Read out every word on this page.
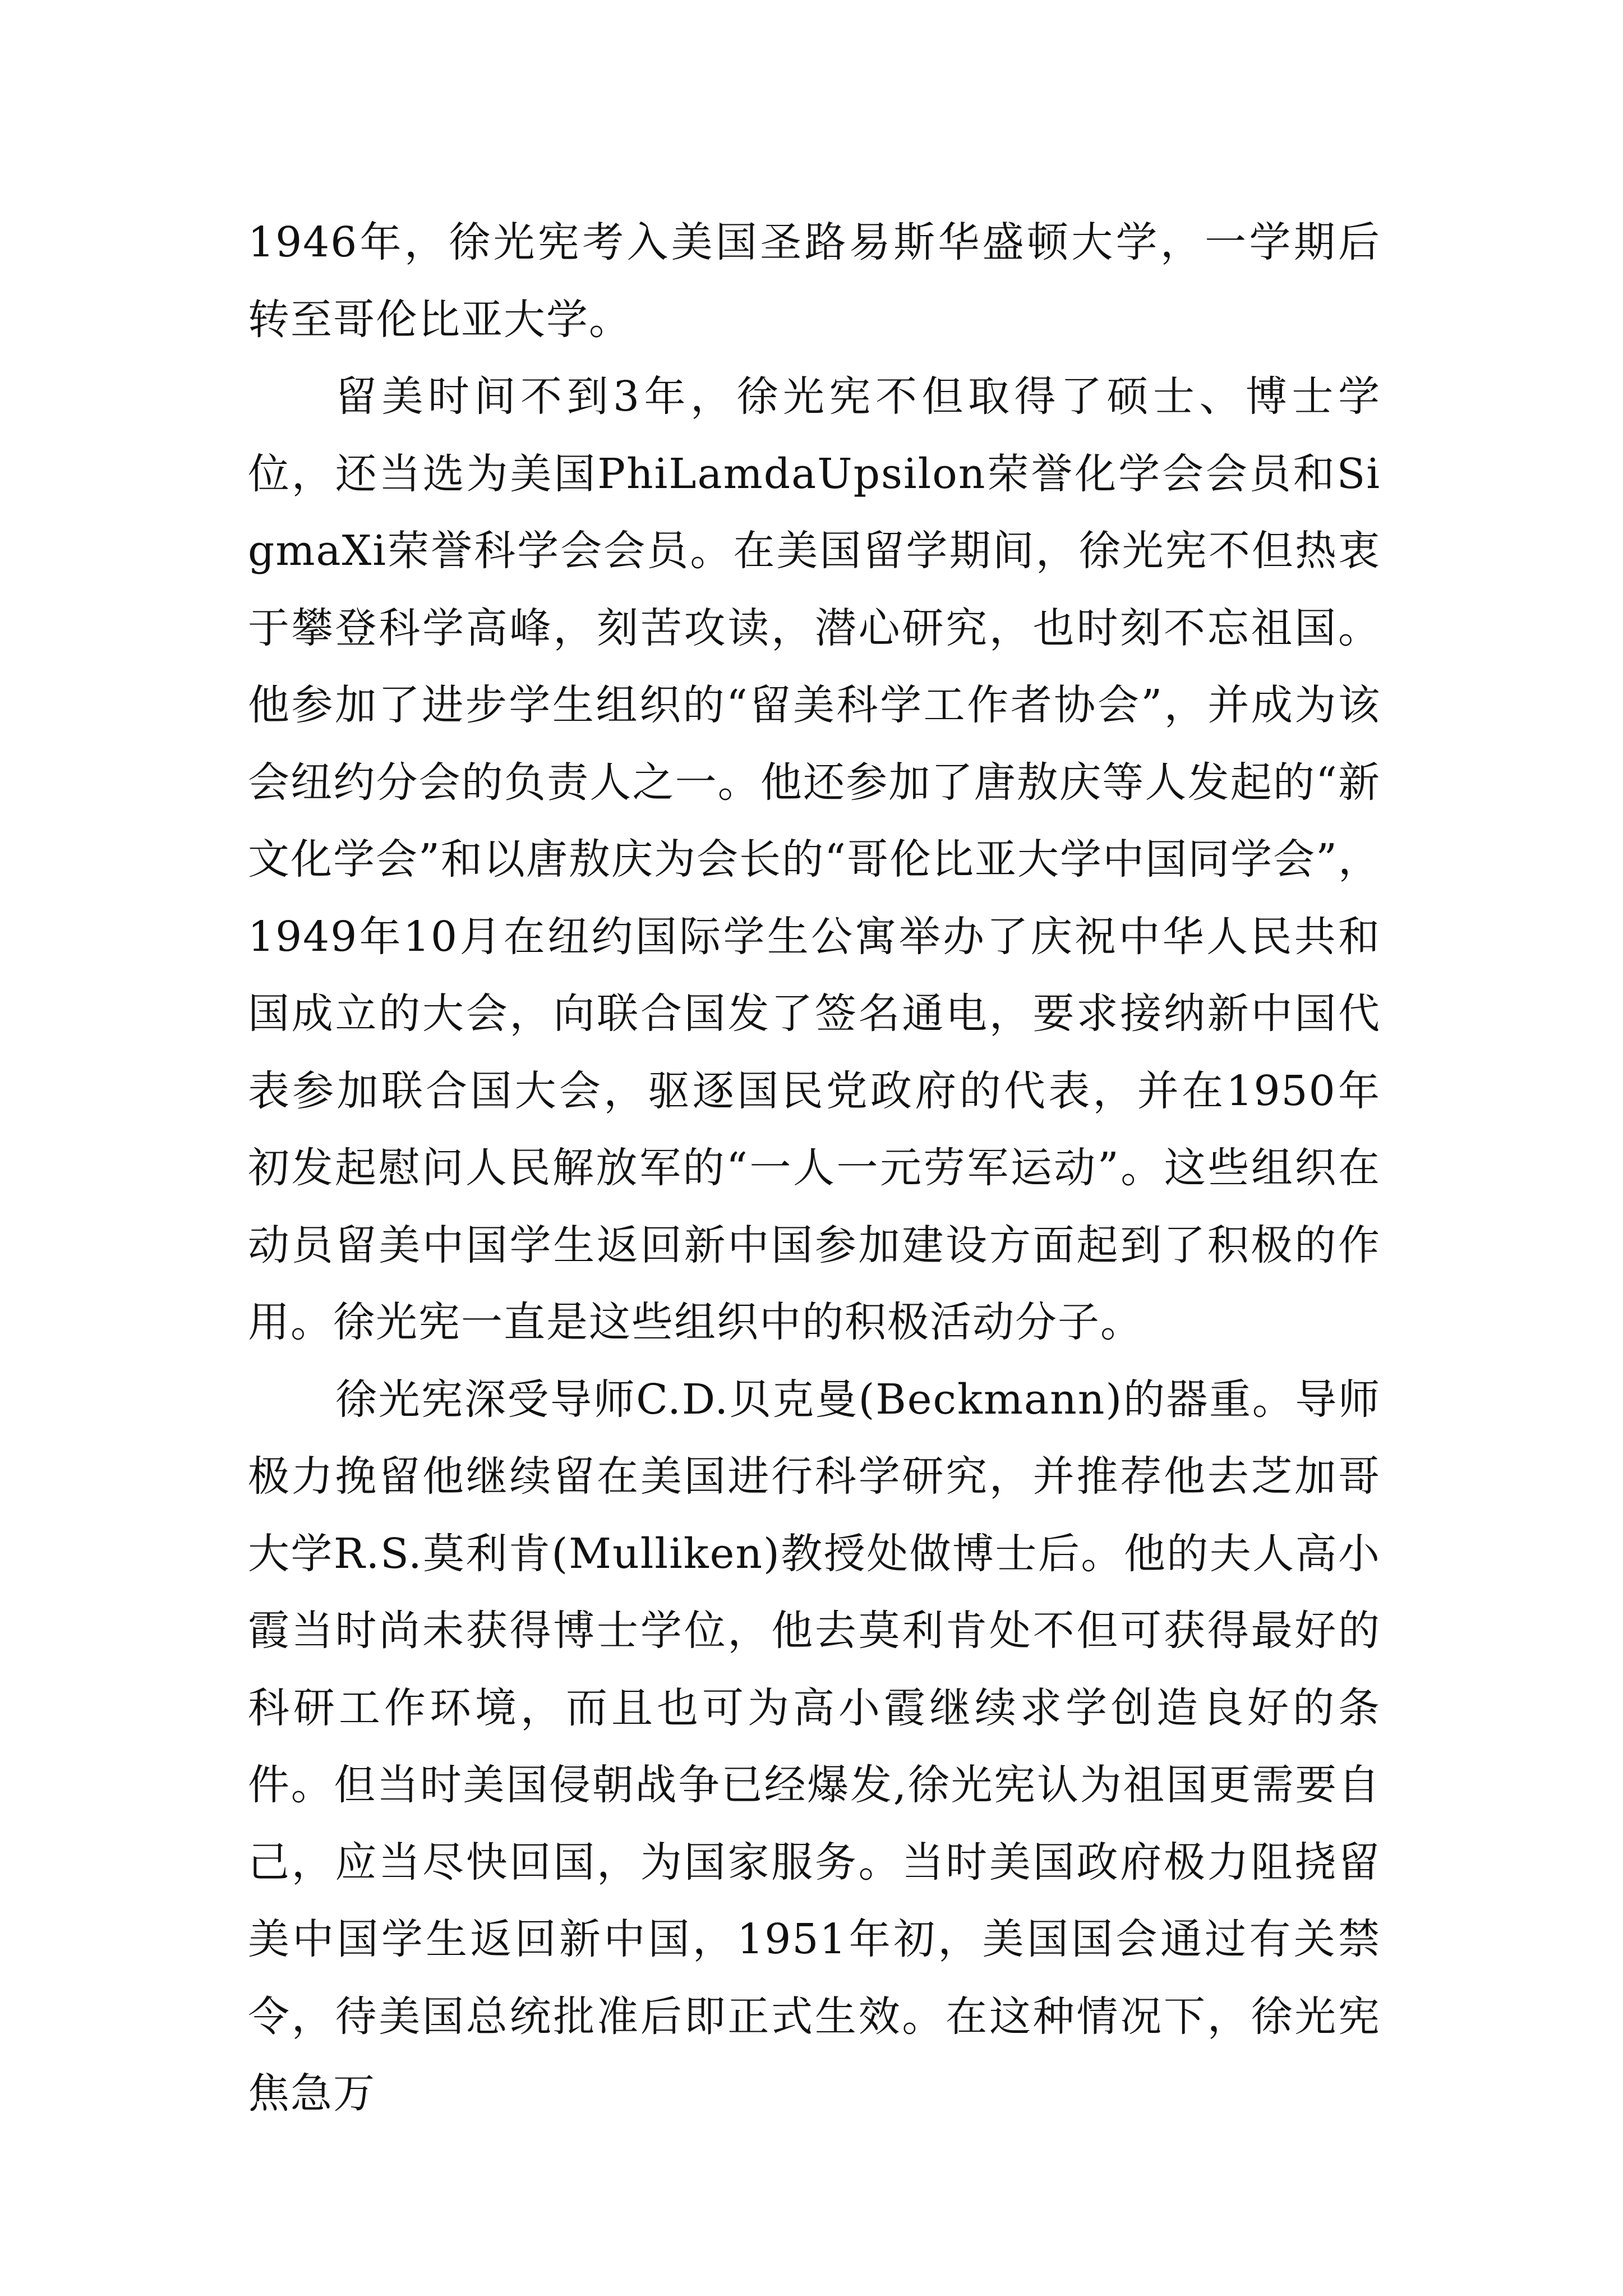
1946年，徐光宪考入美国圣路易斯华盛顿大学，一学期后转至哥伦比亚大学。

留美时间不到3年，徐光宪不但取得了硕士、博士学位，还当选为美国PhiLamdaUpsilon荣誉化学会会员和SigmaXi荣誉科学会会员。在美国留学期间，徐光宪不但热衷于攀登科学高峰，刻苦攻读，潜心研究，也时刻不忘祖国。他参加了进步学生组织的“留美科学工作者协会”，并成为该会纽约分会的负责人之一。他还参加了唐敖庆等人发起的“新文化学会”和以唐敖庆为会长的“哥伦比亚大学中国同学会”，1949年10月在纽约国际学生公寓举办了庆祝中华人民共和国成立的大会，向联合国发了签名通电，要求接纳新中国代表参加联合国大会，驱逐国民党政府的代表，并在1950年初发起慰问人民解放军的“一人一元劳军运动”。这些组织在动员留美中国学生返回新中国参加建设方面起到了积极的作用。徐光宪一直是这些组织中的积极活动分子。

徐光宪深受导师C.D.贝克曼(Beckmann)的器重。导师极力挽留他继续留在美国进行科学研究，并推荐他去芝加哥大学R.S.莫利肯(Mulliken)教授处做博士后。他的夫人高小霞当时尚未获得博士学位，他去莫利肯处不但可获得最好的科研工作环境，而且也可为高小霞继续求学创造良好的条件。但当时美国侵朝战争已经爆发,徐光宪认为祖国更需要自己，应当尽快回国，为国家服务。当时美国政府极力阻挠留美中国学生返回新中国，1951年初，美国国会通过有关禁令，待美国总统批准后即正式生效。在这种情况下，徐光宪焦急万
